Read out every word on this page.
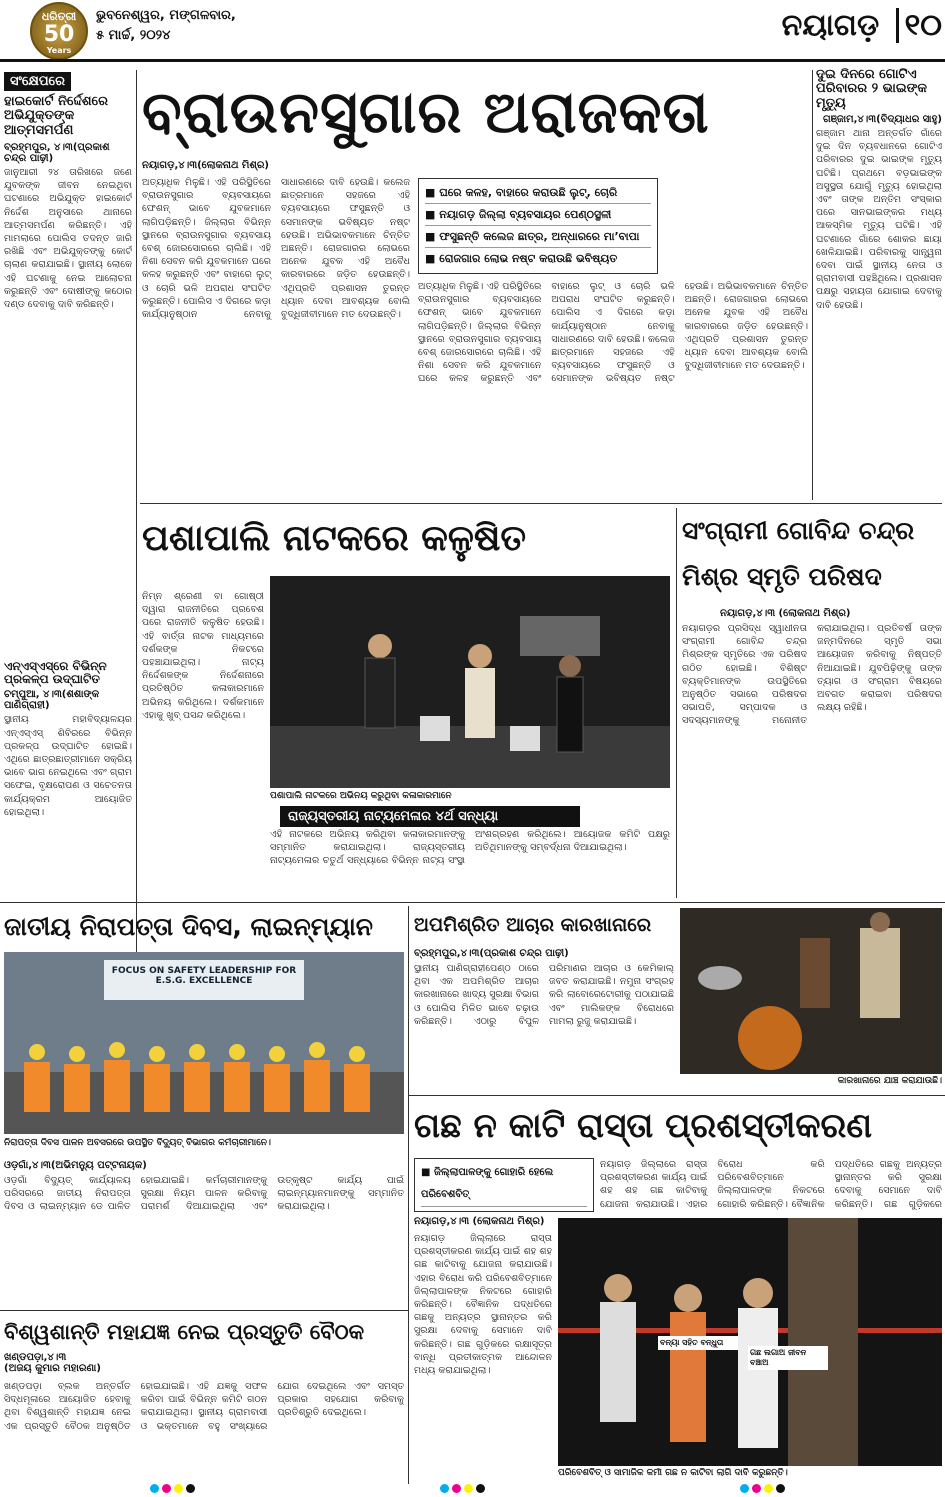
ଧରିତ୍ରୀ
50
Years
ଭୁବନେଶ୍ୱର, ମଙ୍ଗଳବାର,
୫ ମାର୍ଚ୍ଚ, ୨୦୨୪	ନୟାଗଡ଼ ୧୦
ସଂକ୍ଷେପରେ
ହାଇକୋର୍ଟ ନିର୍ଦ୍ଦେଶରେ ଅଭିଯୁକ୍ତଙ୍କ ଆତ୍ମସମର୍ପଣ
ବ୍ରହ୍ମପୁର, ୪।୩(ପ୍ରକାଶ ଚନ୍ଦ୍ର ପାଢ଼ୀ)
ଜାନୁଆରୀ ୨୪ ତାରିଖରେ ଜଣେ ଯୁବକଙ୍କ ଜୀବନ ନେଇଥିବା ଘଟଣାରେ ଅଭିଯୁକ୍ତ ହାଇକୋର୍ଟ ନିର୍ଦ୍ଦେଶ ଅନୁସାରେ ଥାନାରେ ଆତ୍ମସମର୍ପଣ କରିଛନ୍ତି। ଏହି ମାମଲାରେ ପୋଲିସ ତଦନ୍ତ ଜାରି ରଖିଛି ଏବଂ ଅଭିଯୁକ୍ତଙ୍କୁ କୋର୍ଟ ଚାଲାଣ କରାଯାଇଛି। ସ୍ଥାନୀୟ ଲୋକେ ଏହି ଘଟଣାକୁ ନେଇ ଆଲୋଚନା କରୁଛନ୍ତି ଏବଂ ଦୋଷୀଙ୍କୁ କଠୋର ଦଣ୍ଡ ଦେବାକୁ ଦାବି କରିଛନ୍ତି।
ଏନ୍‌ଏସ୍‌ଏସ୍‌ରେ ବିଭିନ୍ନ ପ୍ରକଳ୍ପ ଉଦ୍‌ଘାଟିତ
ଚମ୍ପୁଆ, ୪।୩(ଶଶାଙ୍କ ପାଣିଗ୍ରାହୀ)
ସ୍ଥାନୀୟ ମହାବିଦ୍ୟାଳୟର ଏନ୍‌ଏସ୍‌ଏସ୍ ଶିବିରରେ ବିଭିନ୍ନ ପ୍ରକଳ୍ପ ଉଦ୍‌ଘାଟିତ ହୋଇଛି। ଏଥିରେ ଛାତ୍ରଛାତ୍ରୀମାନେ ସକ୍ରିୟ ଭାବେ ଭାଗ ନେଇଥିଲେ ଏବଂ ଗ୍ରାମ ସଫେଇ, ବୃକ୍ଷରୋପଣ ଓ ସଚେତନତା କାର୍ଯ୍ୟକ୍ରମ ଆୟୋଜିତ ହୋଇଥିଲା।
ବ୍ରାଉନସୁଗାର ଅରାଜକତା
ନୟାଗଡ଼,୪।୩(ଲୋକନାଥ ମିଶ୍ର)
■ ଘରେ କଳହ, ବାହାରେ କରାଉଛି ଲୁଟ୍, ଚୋରି
■ ନୟାଗଡ଼ ଜିଲ୍ଲା ବ୍ୟବସାୟର ପେଣ୍ଠସ୍ଥଳୀ
■ ଫସୁଛନ୍ତି କଲେଜ ଛାତ୍ର, ଅନ୍ଧାରରେ ମା’ବାପା
■ ରୋଜଗାର ଲୋଭ ନଷ୍ଟ କରାଉଛି ଭବିଷ୍ୟତ
ଅତ୍ୟାଧିକ ମିଳୁଛି। ଏହି ପରିସ୍ଥିତିରେ ବ୍ରାଉନସୁଗାର ବ୍ୟବସାୟରେ ଫେଶନ୍ ଭାବେ ଯୁବକମାନେ ଲାଗିପଡ଼ିଛନ୍ତି। ଜିଲ୍ଲାର ବିଭିନ୍ନ ସ୍ଥାନରେ ବ୍ରାଉନସୁଗାର ବ୍ୟବସାୟ ବେଶ୍ ଜୋରସୋରରେ ଚାଲିଛି। ଏହି ନିଶା ସେବନ କରି ଯୁବକମାନେ ଘରେ କଳହ କରୁଛନ୍ତି ଏବଂ ବାହାରେ ଲୁଟ୍ ଓ ଚୋରି ଭଳି ଅପରାଧ ସଂଘଟିତ କରୁଛନ୍ତି। ପୋଲିସ ଏ ଦିଗରେ କଡ଼ା କାର୍ଯ୍ୟାନୁଷ୍ଠାନ ନେବାକୁ ସାଧାରଣରେ ଦାବି ହେଉଛି। କଲେଜ ଛାତ୍ରମାନେ ସହଜରେ ଏହି ବ୍ୟବସାୟରେ ଫସୁଛନ୍ତି ଓ ସେମାନଙ୍କ ଭବିଷ୍ୟତ ନଷ୍ଟ ହେଉଛି। ଅଭିଭାବକମାନେ ଚିନ୍ତିତ ଅଛନ୍ତି। ରୋଜଗାରର ଲୋଭରେ ଅନେକ ଯୁବକ ଏହି ଅବୈଧ କାରବାରରେ ଜଡ଼ିତ ହେଉଛନ୍ତି। ଏଥିପ୍ରତି ପ୍ରଶାସନ ତୁରନ୍ତ ଧ୍ୟାନ ଦେବା ଆବଶ୍ୟକ ବୋଲି ବୁଦ୍ଧିଜୀବୀମାନେ ମତ ଦେଉଛନ୍ତି।
ଅତ୍ୟାଧିକ ମିଳୁଛି। ଏହି ପରିସ୍ଥିତିରେ ବ୍ରାଉନସୁଗାର ବ୍ୟବସାୟରେ ଫେଶନ୍ ଭାବେ ଯୁବକମାନେ ଲାଗିପଡ଼ିଛନ୍ତି। ଜିଲ୍ଲାର ବିଭିନ୍ନ ସ୍ଥାନରେ ବ୍ରାଉନସୁଗାର ବ୍ୟବସାୟ ବେଶ୍ ଜୋରସୋରରେ ଚାଲିଛି। ଏହି ନିଶା ସେବନ କରି ଯୁବକମାନେ ଘରେ କଳହ କରୁଛନ୍ତି ଏବଂ ବାହାରେ ଲୁଟ୍ ଓ ଚୋରି ଭଳି ଅପରାଧ ସଂଘଟିତ କରୁଛନ୍ତି। ପୋଲିସ ଏ ଦିଗରେ କଡ଼ା କାର୍ଯ୍ୟାନୁଷ୍ଠାନ ନେବାକୁ ସାଧାରଣରେ ଦାବି ହେଉଛି। କଲେଜ ଛାତ୍ରମାନେ ସହଜରେ ଏହି ବ୍ୟବସାୟରେ ଫସୁଛନ୍ତି ଓ ସେମାନଙ୍କ ଭବିଷ୍ୟତ ନଷ୍ଟ ହେଉଛି। ଅଭିଭାବକମାନେ ଚିନ୍ତିତ ଅଛନ୍ତି। ରୋଜଗାରର ଲୋଭରେ ଅନେକ ଯୁବକ ଏହି ଅବୈଧ କାରବାରରେ ଜଡ଼ିତ ହେଉଛନ୍ତି। ଏଥିପ୍ରତି ପ୍ରଶାସନ ତୁରନ୍ତ ଧ୍ୟାନ ଦେବା ଆବଶ୍ୟକ ବୋଲି ବୁଦ୍ଧିଜୀବୀମାନେ ମତ ଦେଉଛନ୍ତି।
ଦୁଇ ଦିନରେ ଗୋଟିଏ ପରିବାରର ୨ ଭାଇଙ୍କ ମୃତ୍ୟୁ
ଗଞ୍ଜାମ,୪।୩(ବିଦ୍ୟାଧର ସାହୁ)
ଗଞ୍ଜାମ ଥାନା ଅନ୍ତର୍ଗତ ଗାଁରେ ଦୁଇ ଦିନ ବ୍ୟବଧାନରେ ଗୋଟିଏ ପରିବାରର ଦୁଇ ଭାଇଙ୍କ ମୃତ୍ୟୁ ଘଟିଛି। ପ୍ରଥମେ ବଡ଼ଭାଇଙ୍କ ଅସୁସ୍ଥତା ଯୋଗୁଁ ମୃତ୍ୟୁ ହୋଇଥିଲା ଏବଂ ତାଙ୍କ ଅନ୍ତିମ ସଂସ୍କାର ପରେ ସାନଭାଇଙ୍କର ମଧ୍ୟ ଆକସ୍ମିକ ମୃତ୍ୟୁ ଘଟିଛି। ଏହି ଘଟଣାରେ ଗାଁରେ ଶୋକର ଛାୟା ଖେଳିଯାଇଛି। ପରିବାରକୁ ସାନ୍ତ୍ୱନା ଦେବା ପାଇଁ ସ୍ଥାନୀୟ ନେତା ଓ ଗ୍ରାମବାସୀ ପହଞ୍ଚିଥିଲେ। ପ୍ରଶାସନ ପକ୍ଷରୁ ସହାୟତା ଯୋଗାଇ ଦେବାକୁ ଦାବି ହେଉଛି।
ପଶାପାଲି ନାଟକରେ କଳୁଷିତ
ନିମ୍ନ ଶ୍ରେଣୀ ବା ଗୋଷ୍ଠୀ ଦ୍ୱାରା ରାଜନୀତିରେ ପ୍ରବେଶ ପରେ ରାଜନୀତି କଳୁଷିତ ହେଉଛି। ଏହି ବାର୍ତ୍ତା ନାଟକ ମାଧ୍ୟମରେ ଦର୍ଶକଙ୍କ ନିକଟରେ ପହଞ୍ଚାଯାଇଥିଲା। ନାଟ୍ୟ ନିର୍ଦ୍ଦେଶକଙ୍କ ନିର୍ଦ୍ଦେଶନାରେ ପ୍ରତିଷ୍ଠିତ କଳାକାରମାନେ ଅଭିନୟ କରିଥିଲେ। ଦର୍ଶକମାନେ ଏହାକୁ ଖୁବ୍ ପସନ୍ଦ କରିଥିଲେ।
ପଶାପାଲି ନାଟକରେ ଅଭିନୟ କରୁଥିବା କଳାକାରମାନେ
ରାଜ୍ୟସ୍ତରୀୟ ନାଟ୍ୟମେଳାର ୪ର୍ଥ ସନ୍ଧ୍ୟା
ଏହି ନାଟକରେ ଅଭିନୟ କରିଥିବା କଳାକାରମାନଙ୍କୁ ସମ୍ମାନିତ କରାଯାଇଥିଲା। ରାଜ୍ୟସ୍ତରୀୟ ନାଟ୍ୟମେଳାର ଚତୁର୍ଥ ସନ୍ଧ୍ୟାରେ ବିଭିନ୍ନ ନାଟ୍ୟ ସଂସ୍ଥା ଅଂଶଗ୍ରହଣ କରିଥିଲେ। ଆୟୋଜକ କମିଟି ପକ୍ଷରୁ ଅତିଥିମାନଙ୍କୁ ସମ୍ବର୍ଦ୍ଧନା ଦିଆଯାଇଥିଲା।
ସଂଗ୍ରାମୀ ଗୋବିନ୍ଦ ଚନ୍ଦ୍ର ମିଶ୍ର ସ୍ମୃତି ପରିଷଦ
ନୟାଗଡ଼,୪।୩ (ଲୋକନାଥ ମିଶ୍ର)
ନୟାଗଡ଼ର ପ୍ରସିଦ୍ଧ ସ୍ୱାଧୀନତା ସଂଗ୍ରାମୀ ଗୋବିନ୍ଦ ଚନ୍ଦ୍ର ମିଶ୍ରଙ୍କ ସ୍ମୃତିରେ ଏକ ପରିଷଦ ଗଠିତ ହୋଇଛି। ବିଶିଷ୍ଟ ବ୍ୟକ୍ତିମାନଙ୍କ ଉପସ୍ଥିତିରେ ଅନୁଷ୍ଠିତ ସଭାରେ ପରିଷଦର ସଭାପତି, ସମ୍ପାଦକ ଓ ସଦସ୍ୟମାନଙ୍କୁ ମନୋନୀତ କରାଯାଇଥିଲା। ପ୍ରତିବର୍ଷ ତାଙ୍କ ଜନ୍ମଦିନରେ ସ୍ମୃତି ସଭା ଆୟୋଜନ କରିବାକୁ ନିଷ୍ପତ୍ତି ନିଆଯାଇଛି। ଯୁବପିଢ଼ିଙ୍କୁ ତାଙ୍କ ତ୍ୟାଗ ଓ ସଂଗ୍ରାମ ବିଷୟରେ ଅବଗତ କରାଇବା ପରିଷଦର ଲକ୍ଷ୍ୟ ରହିଛି।
ଜାତୀୟ ନିରାପତ୍ତା ଦିବସ, ଲାଇନ୍‌ମ୍ୟାନ
FOCUS ON SAFETY LEADERSHIP FOR E.S.G. EXCELLENCE
ନିରାପତ୍ତା ଦିବସ ପାଳନ ଅବସରରେ ଉପସ୍ଥିତ ବିଦ୍ୟୁତ୍ ବିଭାଗର କର୍ମଚାରୀମାନେ।
ଓଡ଼ଗାଁ,୪।୩(ଅଭିମନ୍ୟୁ ପଟ୍ଟନାୟକ)
ଓଡ଼ଗାଁ ବିଦ୍ୟୁତ୍ କାର୍ଯ୍ୟାଳୟ ପରିସରରେ ଜାତୀୟ ନିରାପତ୍ତା ଦିବସ ଓ ଲାଇନ୍‌ମ୍ୟାନ ଡେ ପାଳିତ ହୋଇଯାଇଛି। କର୍ମଚାରୀମାନଙ୍କୁ ସୁରକ୍ଷା ନିୟମ ପାଳନ କରିବାକୁ ପରାମର୍ଶ ଦିଆଯାଇଥିଲା ଏବଂ ଉତ୍କୃଷ୍ଟ କାର୍ଯ୍ୟ ପାଇଁ ଲାଇନ୍‌ମ୍ୟାନମାନଙ୍କୁ ସମ୍ମାନିତ କରାଯାଇଥିଲା।
ଅପମିଶ୍ରିତ ଆଚାର କାରଖାନାରେ
ବ୍ରହ୍ମପୁର,୪।୩(ପ୍ରକାଶ ଚନ୍ଦ୍ର ପାଢ଼ୀ)
ସ୍ଥାନୀୟ ପାଣିଗ୍ରାହୀପେଣ୍ଠ ଠାରେ ଥିବା ଏକ ଅପମିଶ୍ରିତ ଆଚାର କାରଖାନାରେ ଖାଦ୍ୟ ସୁରକ୍ଷା ବିଭାଗ ଓ ପୋଲିସ ମିଳିତ ଭାବେ ଚଢ଼ାଉ କରିଛନ୍ତି। ଏଠାରୁ ବିପୁଳ ପରିମାଣର ଆଚାର ଓ କେମିକାଲ୍ ଜବତ କରାଯାଇଛି। ନମୁନା ସଂଗ୍ରହ କରି ଲାବୋରେଟୋରୀକୁ ପଠାଯାଇଛି ଏବଂ ମାଲିକଙ୍କ ବିରୋଧରେ ମାମଲା ରୁଜୁ କରାଯାଇଛି।
କାରଖାନାରେ ଯାଞ୍ଚ କରାଯାଉଛି।
ଗଛ ନ କାଟି ରାସ୍ତା ପ୍ରଶସ୍ତୀକରଣ
■ ଜିଲ୍ଲାପାଳଙ୍କୁ ଗୋହାରି ହେଲେ ପରିବେଶବିତ୍
■
ନୟାଗଡ଼,୪।୩ (ଲୋକନାଥ ମିଶ୍ର)
ନୟାଗଡ଼ ଜିଲ୍ଲାରେ ରାସ୍ତା ପ୍ରଶସ୍ତୀକରଣ କାର୍ଯ୍ୟ ପାଇଁ ଶହ ଶହ ଗଛ କାଟିବାକୁ ଯୋଜନା କରାଯାଉଛି। ଏହାର ବିରୋଧ କରି ପରିବେଶବିତ୍‌ମାନେ ଜିଲ୍ଲାପାଳଙ୍କ ନିକଟରେ ଗୋହାରି କରିଛନ୍ତି। ବୈଜ୍ଞାନିକ ପଦ୍ଧତିରେ ଗଛକୁ ଅନ୍ୟତ୍ର ସ୍ଥାନାନ୍ତର କରି ସୁରକ୍ଷା ଦେବାକୁ ସେମାନେ ଦାବି କରିଛନ୍ତି। ଗଛ ଗୁଡ଼ିକରେ ରକ୍ଷାସୂତ୍ର ବାନ୍ଧି ପ୍ରତୀକାତ୍ମକ ଆନ୍ଦୋଳନ ମଧ୍ୟ କରାଯାଇଥିଲା।
ନୟାଗଡ଼ ଜିଲ୍ଲାରେ ରାସ୍ତା ପ୍ରଶସ୍ତୀକରଣ କାର୍ଯ୍ୟ ପାଇଁ ଶହ ଶହ ଗଛ କାଟିବାକୁ ଯୋଜନା କରାଯାଉଛି। ଏହାର ବିରୋଧ କରି ପରିବେଶବିତ୍‌ମାନେ ଜିଲ୍ଲାପାଳଙ୍କ ନିକଟରେ ଗୋହାରି କରିଛନ୍ତି। ବୈଜ୍ଞାନିକ ପଦ୍ଧତିରେ ଗଛକୁ ଅନ୍ୟତ୍ର ସ୍ଥାନାନ୍ତର କରି ସୁରକ୍ଷା ଦେବାକୁ ସେମାନେ ଦାବି କରିଛନ୍ତି। ଗଛ ଗୁଡ଼ିକରେ
ବନ୍ୟା ସହିତ ବନ୍ଧୁତା
ଗଛ ଲଗାଅ ଜୀବନ ବଞ୍ଚାଅ
ପରିବେଶବିତ୍ ଓ ସାମାଜିକ କର୍ମୀ ଗଛ ନ କାଟିବା ଲାଗି ଦାବି କରୁଛନ୍ତି।
ବିଶ୍ୱଶାନ୍ତି ମହାଯଜ୍ଞ ନେଇ ପ୍ରସ୍ତୁତି ବୈଠକ
ଖଣ୍ଡପଡ଼ା,୪।୩
(ଅଜୟ କୁମାର ମହାରଣା)
ଖଣ୍ଡପଡ଼ା ବ୍ଲକ ଅନ୍ତର୍ଗତ ସିଦ୍ଧମୂଳାରେ ଆୟୋଜିତ ହେବାକୁ ଥିବା ବିଶ୍ୱଶାନ୍ତି ମହାଯଜ୍ଞ ନେଇ ଏକ ପ୍ରସ୍ତୁତି ବୈଠକ ଅନୁଷ୍ଠିତ ହୋଇଯାଇଛି। ଏହି ଯଜ୍ଞକୁ ସଫଳ କରିବା ପାଇଁ ବିଭିନ୍ନ କମିଟି ଗଠନ କରାଯାଇଥିଲା। ସ୍ଥାନୀୟ ଗ୍ରାମବାସୀ ଓ ଭକ୍ତମାନେ ବହୁ ସଂଖ୍ୟାରେ ଯୋଗ ଦେଇଥିଲେ ଏବଂ ସମସ୍ତ ପ୍ରକାର ସହଯୋଗ କରିବାକୁ ପ୍ରତିଶ୍ରୁତି ଦେଇଥିଲେ।
